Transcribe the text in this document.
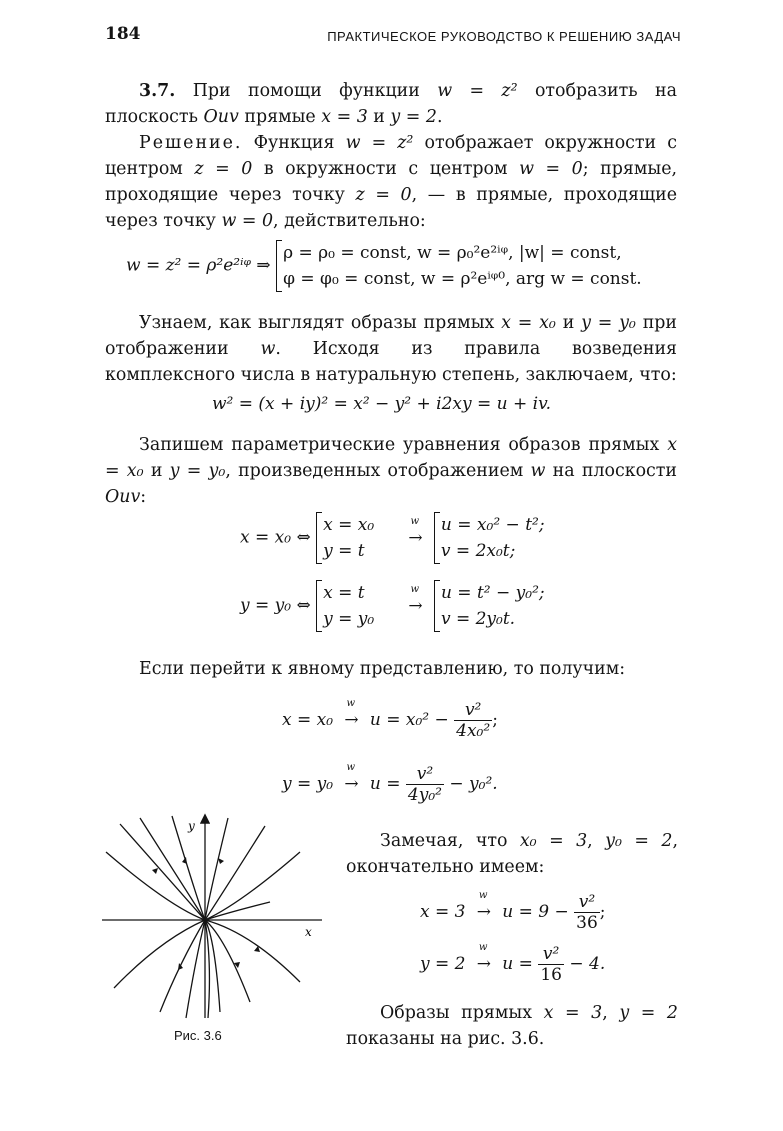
184	ПРАКТИЧЕСКОЕ РУКОВОДСТВО К РЕШЕНИЮ ЗАДАЧ

3.7. При помощи функции w = z² отобразить на плоскость Ouv прямые x = 3 и y = 2.

Решение. Функция w = z² отображает окружности с центром z = 0 в окружности с центром w = 0; прямые, проходящие через точку z = 0, — в прямые, проходящие через точку w = 0, действительно:

w = z² = ρ²e²ⁱᵠ ⇒
ρ = ρ₀ = const, w = ρ₀²e²ⁱᵠ, |w| = const,
φ = φ₀ = const, w = ρ²eⁱᵠ⁰, arg w = const.

Узнаем, как выглядят образы прямых x = x₀ и y = y₀ при отображении w. Исходя из правила возведения комплексного числа в натуральную степень, заключаем, что:

w² = (x + iy)² = x² − y² + i2xy = u + iv.

Запишем параметрические уравнения образов прямых x = x₀ и y = y₀, произведенных отображением w на плоскости Ouv:

x = x₀ ⇔
x = x₀
y = t

w
→
u = x₀² − t²;
v = 2x₀t;
y = y₀ ⇔
x = t
y = y₀

w
→
u = t² − y₀²;
v = 2y₀t.

Если перейти к явному представлению, то получим:

x = x₀
w
→ $u = x_0^2 - \frac{\text{v²}}{\text{4x₀²}}$ ;
y = y₀
w
→ $u = \frac{\text{v²}}{\text{4y₀²}} - y_0^2$.

Замечая, что x₀ = 3, y₀ = 2, окончательно имеем:

x = 3
w
→ $u = 9 - \frac{\text{v²}}{36}$ ;
y = 2
w
→ $u = \frac{\text{v²}}{16} - 4$.

Образы прямых x = 3, y = 2 показаны на рис. 3.6.

y
x
Рис. 3.6
